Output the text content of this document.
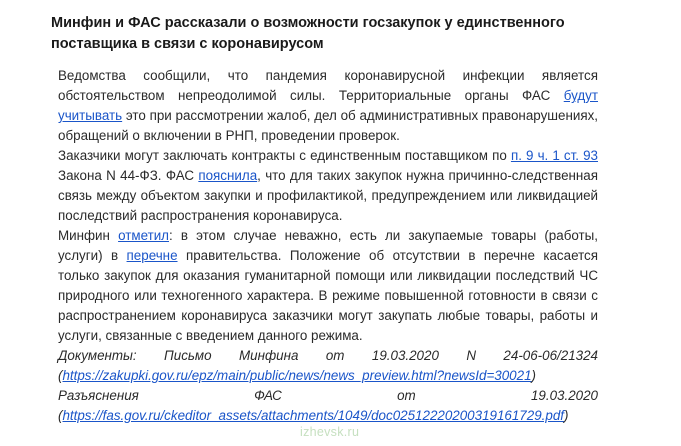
Минфин и ФАС рассказали о возможности госзакупок у единственного поставщика в связи с коронавирусом

Ведомства сообщили, что пандемия коронавирусной инфекции является обстоятельством непреодолимой силы. Территориальные органы ФАС будут учитывать это при рассмотрении жалоб, дел об административных правонарушениях, обращений о включении в РНП, проведении проверок.

Заказчики могут заключать контракты с единственным поставщиком по п. 9 ч. 1 ст. 93 Закона N 44-ФЗ. ФАС пояснила, что для таких закупок нужна причинно-следственная связь между объектом закупки и профилактикой, предупреждением или ликвидацией последствий распространения коронавируса.

Минфин отметил: в этом случае неважно, есть ли закупаемые товары (работы, услуги) в перечне правительства. Положение об отсутствии в перечне касается только закупок для оказания гуманитарной помощи или ликвидации последствий ЧС природного или техногенного характера. В режиме повышенной готовности в связи с распространением коронавируса заказчики могут закупать любые товары, работы и услуги, связанные с введением данного режима.

Документы: Письмо Минфина от 19.03.2020 N 24-06-06/21324

(https://zakupki.gov.ru/epz/main/public/news/news_preview.html?newsId=30021)

Разъяснения ФАС от 19.03.2020

(https://fas.gov.ru/ckeditor_assets/attachments/1049/doc02512220200319161729.pdf)

izhevsk.ru
